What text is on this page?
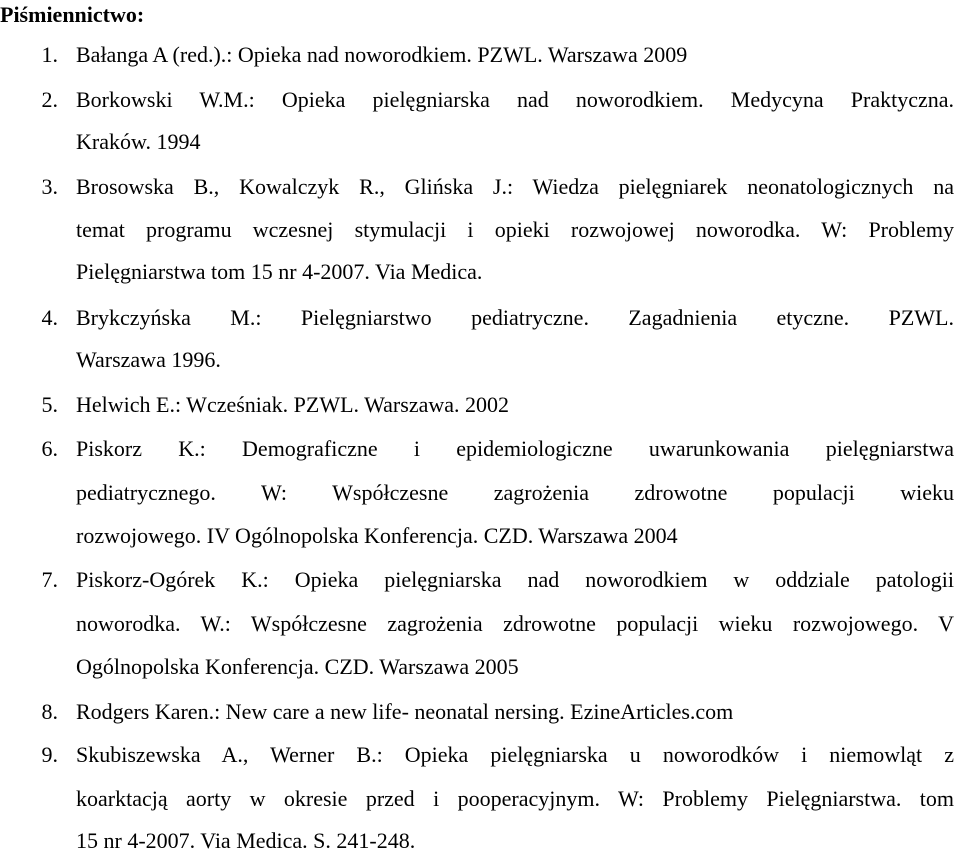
Piśmiennictwo:
1. Bałanga A (red.).: Opieka nad noworodkiem. PZWL. Warszawa 2009
2. Borkowski W.M.: Opieka pielęgniarska nad noworodkiem. Medycyna Praktyczna.
Kraków. 1994
3. Brosowska B., Kowalczyk R., Glińska J.: Wiedza pielęgniarek neonatologicznych na
temat programu wczesnej stymulacji i opieki rozwojowej noworodka. W: Problemy
Pielęgniarstwa tom 15 nr 4-2007. Via Medica.
4. Brykczyńska M.: Pielęgniarstwo pediatryczne. Zagadnienia etyczne. PZWL.
Warszawa 1996.
5. Helwich E.: Wcześniak. PZWL. Warszawa. 2002
6. Piskorz K.: Demograficzne i epidemiologiczne uwarunkowania pielęgniarstwa
pediatrycznego. W: Współczesne zagrożenia zdrowotne populacji wieku
rozwojowego. IV Ogólnopolska Konferencja. CZD. Warszawa 2004
7. Piskorz-Ogórek K.: Opieka pielęgniarska nad noworodkiem w oddziale patologii
noworodka. W.: Współczesne zagrożenia zdrowotne populacji wieku rozwojowego. V
Ogólnopolska Konferencja. CZD. Warszawa 2005
8. Rodgers Karen.: New care a new life- neonatal nersing. EzineArticles.com
9. Skubiszewska A., Werner B.: Opieka pielęgniarska u noworodków i niemowląt z
koarktacją aorty w okresie przed i pooperacyjnym. W: Problemy Pielęgniarstwa. tom
15 nr 4-2007. Via Medica. S. 241-248.
